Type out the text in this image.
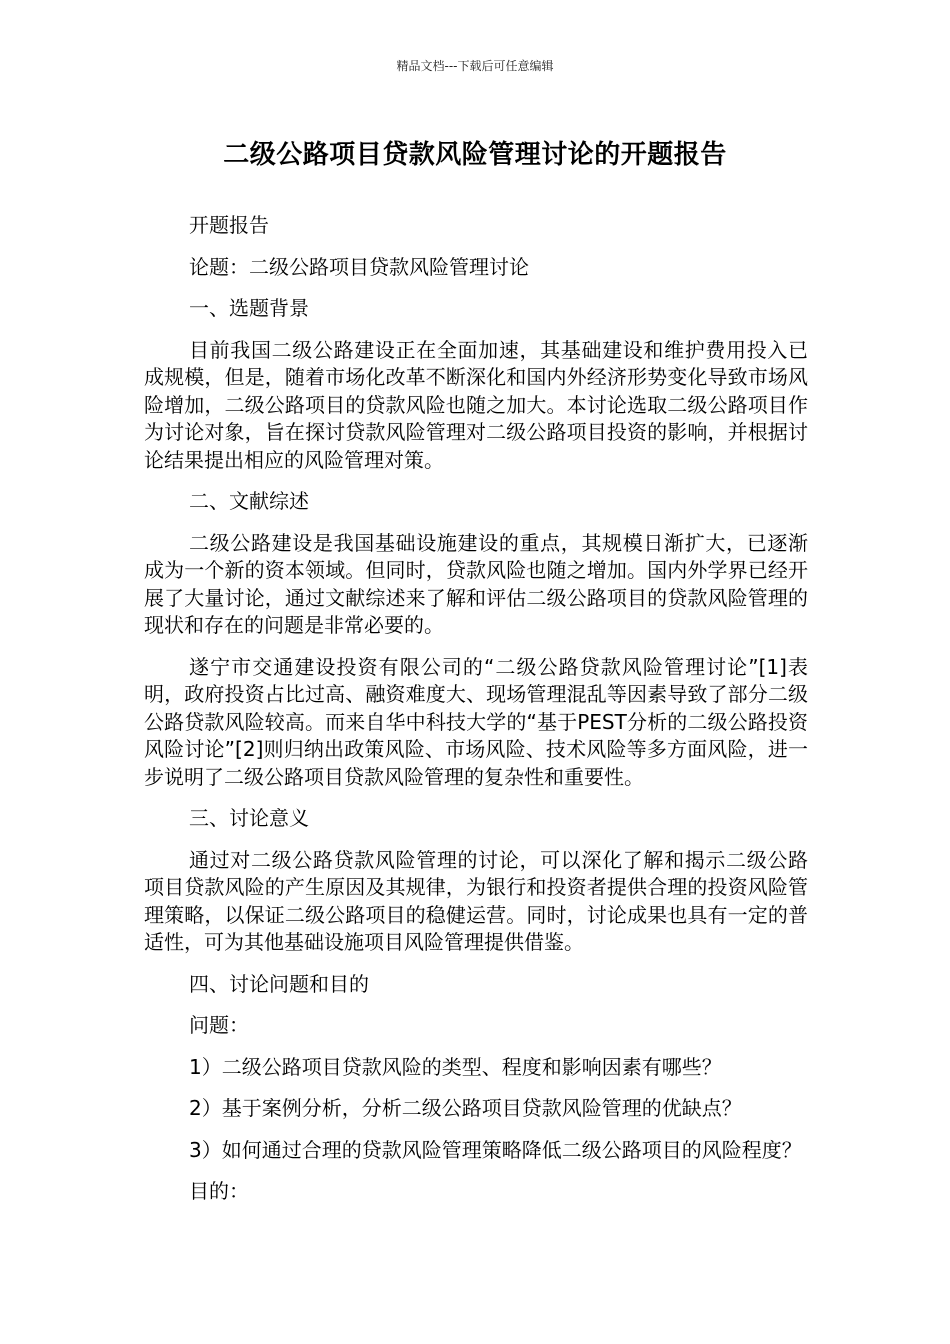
精品文档---下载后可任意编辑
二级公路项目贷款风险管理讨论的开题报告

开题报告

论题：二级公路项目贷款风险管理讨论

一、选题背景

目前我国二级公路建设正在全面加速，其基础建设和维护费用投入已成规模，但是，随着市场化改革不断深化和国内外经济形势变化导致市场风险增加，二级公路项目的贷款风险也随之加大。本讨论选取二级公路项目作为讨论对象，旨在探讨贷款风险管理对二级公路项目投资的影响，并根据讨论结果提出相应的风险管理对策。

二、文献综述

二级公路建设是我国基础设施建设的重点，其规模日渐扩大，已逐渐成为一个新的资本领域。但同时，贷款风险也随之增加。国内外学界已经开展了大量讨论，通过文献综述来了解和评估二级公路项目的贷款风险管理的现状和存在的问题是非常必要的。

遂宁市交通建设投资有限公司的“二级公路贷款风险管理讨论”[1]表明，政府投资占比过高、融资难度大、现场管理混乱等因素导致了部分二级公路贷款风险较高。而来自华中科技大学的“基于PEST分析的二级公路投资风险讨论”[2]则归纳出政策风险、市场风险、技术风险等多方面风险，进一步说明了二级公路项目贷款风险管理的复杂性和重要性。

三、讨论意义

通过对二级公路贷款风险管理的讨论，可以深化了解和揭示二级公路项目贷款风险的产生原因及其规律，为银行和投资者提供合理的投资风险管理策略，以保证二级公路项目的稳健运营。同时，讨论成果也具有一定的普适性，可为其他基础设施项目风险管理提供借鉴。

四、讨论问题和目的

问题：

1）二级公路项目贷款风险的类型、程度和影响因素有哪些？

2）基于案例分析，分析二级公路项目贷款风险管理的优缺点？

3）如何通过合理的贷款风险管理策略降低二级公路项目的风险程度？

目的：
